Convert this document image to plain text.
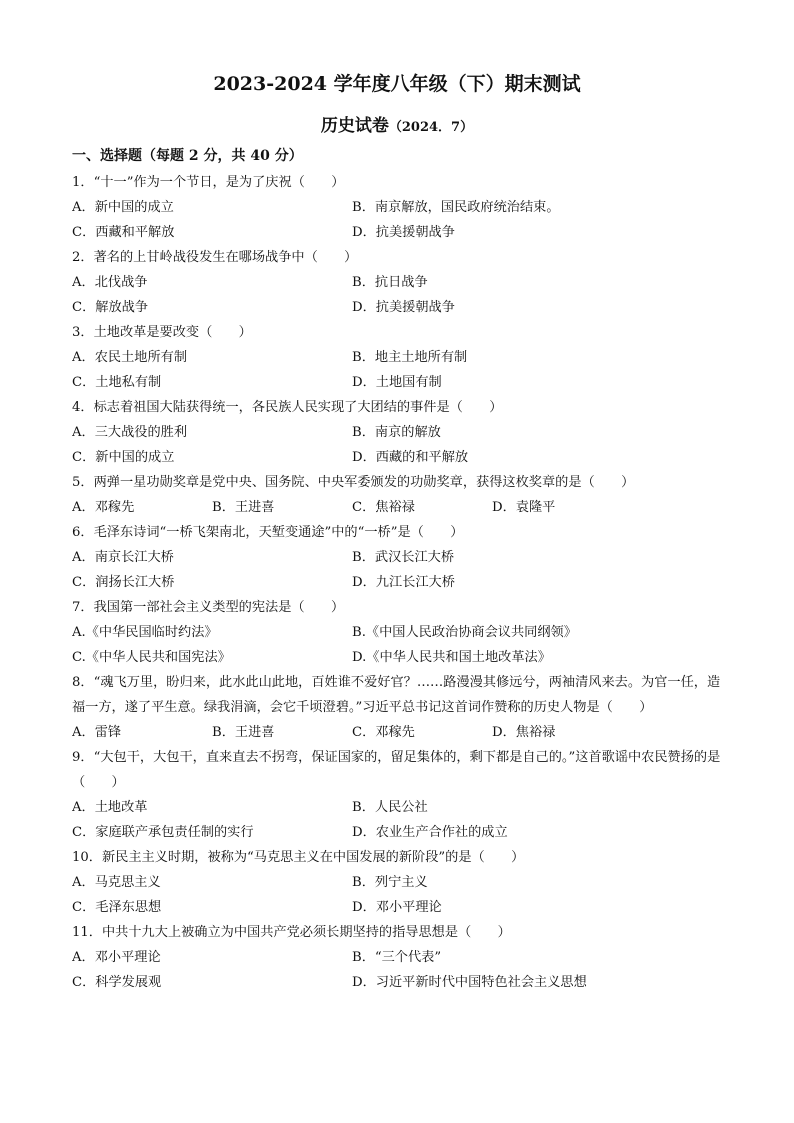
2023-2024 学年度八年级（下）期末测试
历史试卷（2024．7）
一、选择题（每题 2 分，共 40 分）
1．“十一”作为一个节日，是为了庆祝（　　）
A．新中国的成立	B．南京解放，国民政府统治结束。
C．西藏和平解放	D．抗美援朝战争
2．著名的上甘岭战役发生在哪场战争中（　　）
A．北伐战争	B．抗日战争
C．解放战争	D．抗美援朝战争
3．土地改革是要改变（　　）
A．农民土地所有制	B．地主土地所有制
C．土地私有制	D．土地国有制
4．标志着祖国大陆获得统一，各民族人民实现了大团结的事件是（　　）
A．三大战役的胜利	B．南京的解放
C．新中国的成立	D．西藏的和平解放
5．两弹一星功勋奖章是党中央、国务院、中央军委颁发的功勋奖章，获得这枚奖章的是（　　）
A．邓稼先	B．王进喜	C．焦裕禄	D．袁隆平
6．毛泽东诗词“一桥飞架南北，天堑变通途”中的“一桥”是（　　）
A．南京长江大桥	B．武汉长江大桥
C．润扬长江大桥	D．九江长江大桥
7．我国第一部社会主义类型的宪法是（　　）
A.《中华民国临时约法》	B.《中国人民政治协商会议共同纲领》
C.《中华人民共和国宪法》	D.《中华人民共和国土地改革法》
8．“魂飞万里，盼归来，此水此山此地，百姓谁不爱好官？……路漫漫其修远兮，两袖清风来去。为官一任，造福一方，遂了平生意。绿我涓滴，会它千顷澄碧。”习近平总书记这首词作赞称的历史人物是（　　）
A．雷锋	B．王进喜	C．邓稼先	D．焦裕禄
9．“大包干，大包干，直来直去不拐弯，保证国家的，留足集体的，剩下都是自己的。”这首歌谣中农民赞扬的是（　　）
A．土地改革	B．人民公社
C．家庭联产承包责任制的实行	D．农业生产合作社的成立
10．新民主主义时期，被称为“马克思主义在中国发展的新阶段”的是（　　）
A．马克思主义	B．列宁主义
C．毛泽东思想	D．邓小平理论
11．中共十九大上被确立为中国共产党必须长期坚持的指导思想是（　　）
A．邓小平理论	B．“三个代表”
C．科学发展观	D．习近平新时代中国特色社会主义思想
